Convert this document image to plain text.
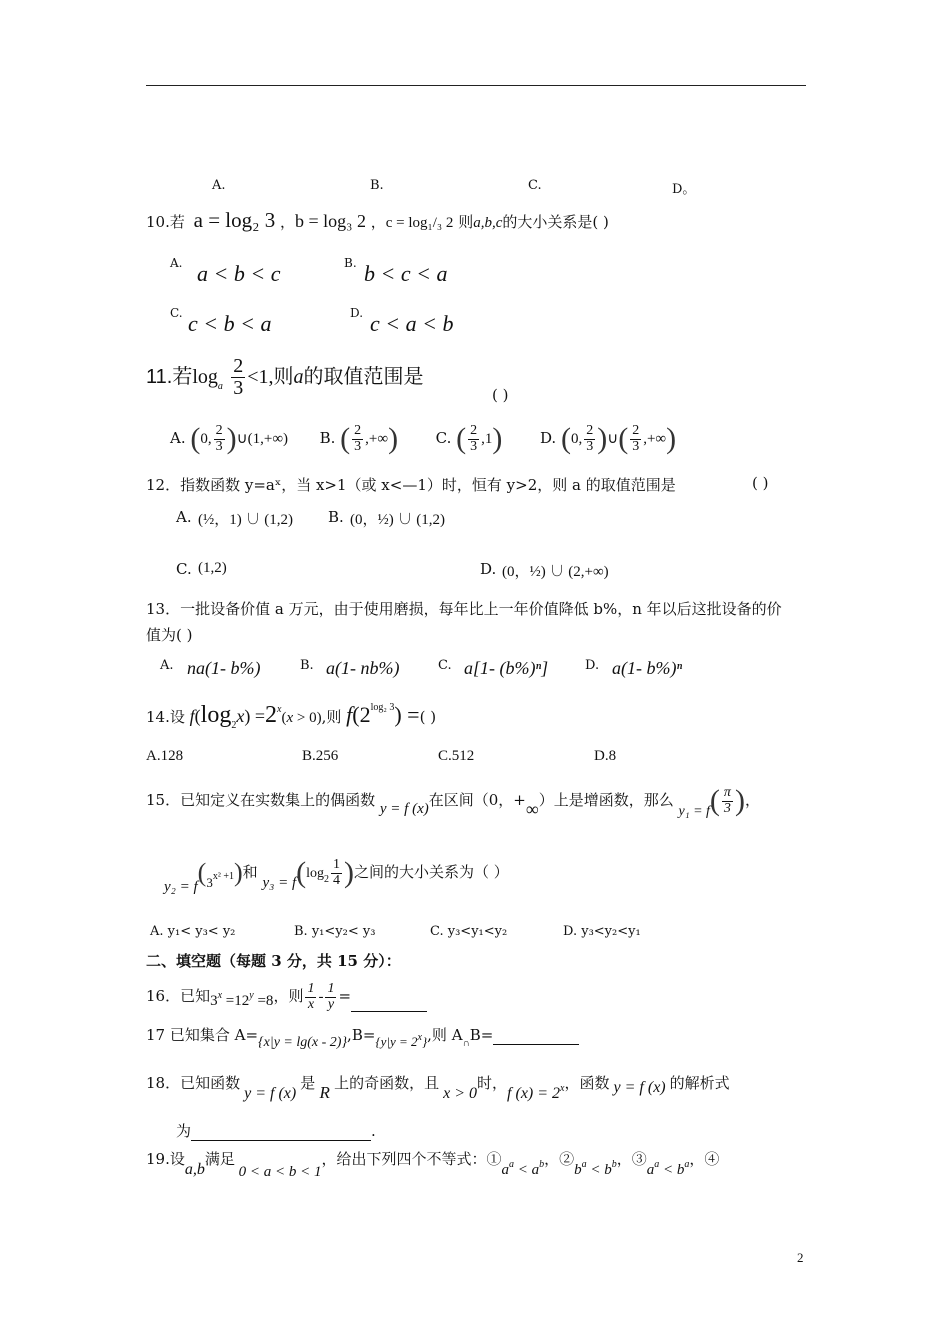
A.	B.	C.	D。
10.若 a = log₂ 3 ，b = log₃ 2 ，c = log₁/₃ 2 则a,b,c的大小关系是( )
A. a < b < c	B. b < c < a
C. c < b < a	D. c < a < b
11.若$\log_a \frac{2}{3} <1$,则a的取值范围是
( )
A. (0, $\frac{2}{3}$ )∪(1,+∞) B. ( $\frac{2}{3}$ ,+∞)	C. ( $\frac{2}{3} ,1$)	D. (0, $\frac{2}{3}$ )∪( $\frac{2}{3}$ ,+∞)
12．指数函数 y=aˣ，当 x>1（或 x<—1）时，恒有 y>2，则 a 的取值范围是	( )
A. (½，1) ∪ (1,2) B. (0，½) ∪ (1,2)
C. (1,2)	D. (0，½) ∪ (2,+∞)
13．一批设备价值 a 万元，由于使用磨损，每年比上一年价值降低 b%，n 年以后这批设备的价
值为( )
A. na(1- b%)	B. a(1- nb%)	C. a[1- (b%)ⁿ]	D. a(1- b%)ⁿ
14.设 $f(\log_2x) =2^x(x > 0)$,则 $f(2^{log_2 3})$ =( )
A.128	B.256	C.512	D.8
15．已知定义在实数集上的偶函数 y = f (x)在区间（0，+∞）上是增函数，那么 $y_1 = f( \frac{\pi}{3}$ )，
$y_2 = f(3^{x^2 +1})$和 $y_3 = f(\log_2 \frac{1}{4}$ )之间的大小关系为（ ）
A. y₁< y₃< y₂	B. y₁<y₂< y₃	C. y₃<y₁<y₂	D. y₃<y₂<y₁
二、填空题（每题 3 分，共 15 分）：
16．已知$3^x =12^y =8$，则 $\frac{1}{x} - \frac{1}{y}$ =
17 已知集合 $A=\{x|y = \lg(x - 2)\},B=\{y|y = 2^x\}$,则 $A_\cap B=$
18．已知函数 y = f (x) 是 R 上的奇函数，且 x > 0时，f $(x) = 2^x$，函数 y = f (x) 的解析式
为	.
19.设a,b满足 0 < a < b < 1，给出下列四个不等式：$①a^a < a^b$，$②b^a < b^b$，$③a^a < b^a$，④
2
